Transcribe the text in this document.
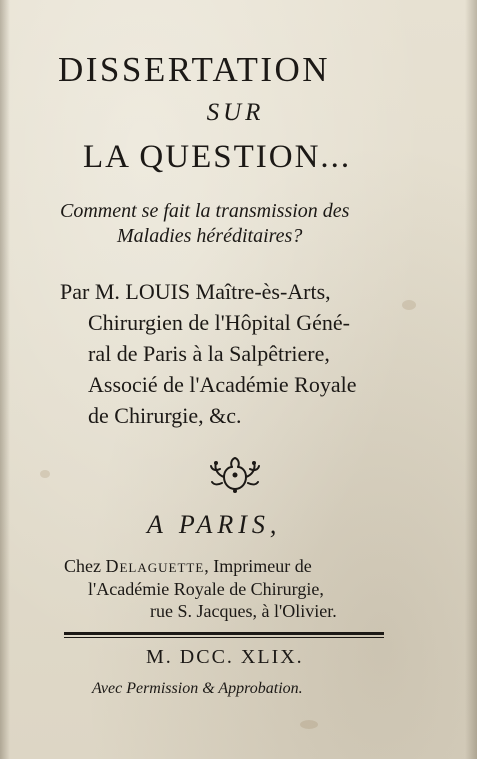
DISSERTATION
SUR
LA QUESTION...
Comment se fait la transmission des
Maladies héréditaires?
Par M. LOUIS Maître-ès-Arts,
Chirurgien de l'Hôpital Géné-
ral de Paris à la Salpêtriere,
Associé de l'Académie Royale
de Chirurgie, &c.
A PARIS,
Chez Delaguette, Imprimeur de
l'Académie Royale de Chirurgie,
rue S. Jacques, à l'Olivier.
M. DCC. XLIX.
Avec Permission & Approbation.
